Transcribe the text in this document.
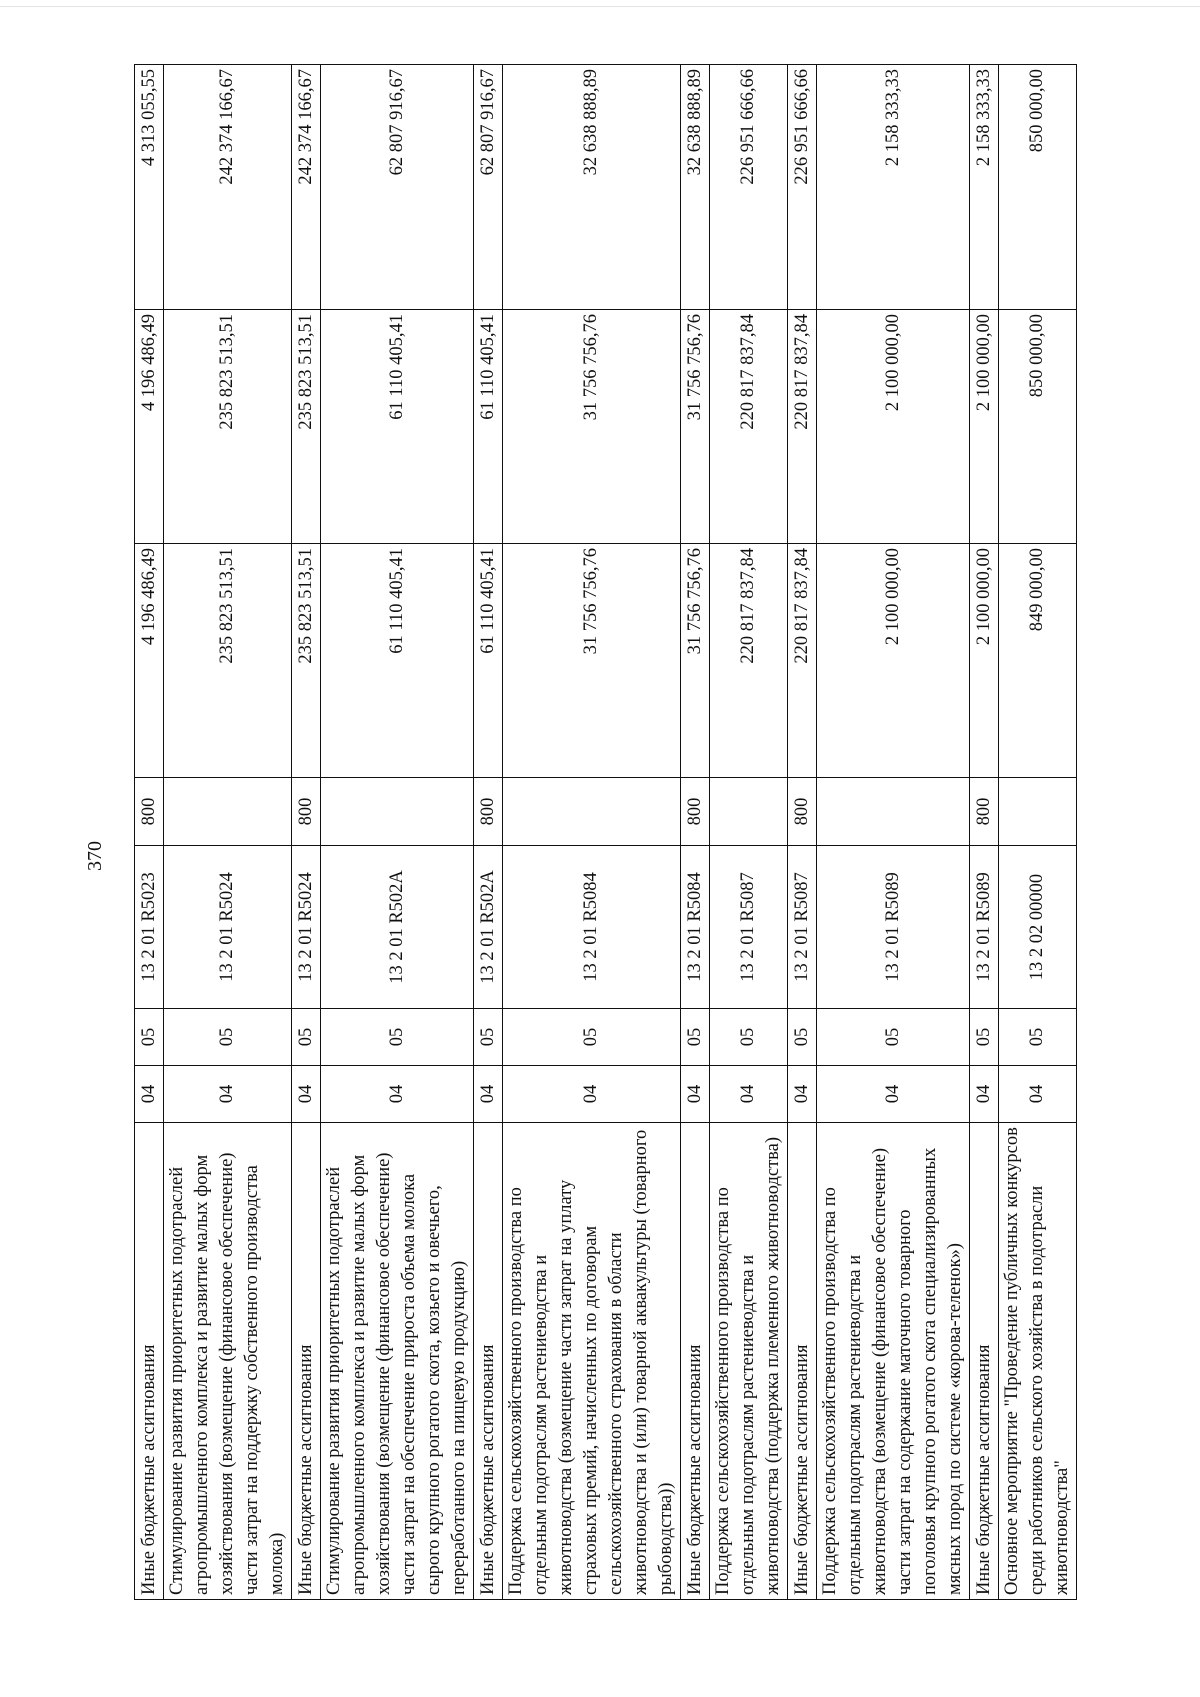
370
Иные бюджетные ассигнования	04	05	13 2 01 R5023	800	4 196 486,49	4 196 486,49	4 313 055,55
Стимулирование развития приоритетных подотраслей агропромышленного комплекса и развитие малых форм хозяйствования (возмещение (финансовое обеспечение) части затрат на поддержку собственного производства молока)	04	05	13 2 01 R5024		235 823 513,51	235 823 513,51	242 374 166,67
Иные бюджетные ассигнования	04	05	13 2 01 R5024	800	235 823 513,51	235 823 513,51	242 374 166,67
Стимулирование развития приоритетных подотраслей агропромышленного комплекса и развитие малых форм хозяйствования (возмещение (финансовое обеспечение) части затрат на обеспечение прироста объема молока сырого крупного рогатого скота, козьего и овечьего, переработанного на пищевую продукцию)	04	05	13 2 01 R502A		61 110 405,41	61 110 405,41	62 807 916,67
Иные бюджетные ассигнования	04	05	13 2 01 R502A	800	61 110 405,41	61 110 405,41	62 807 916,67
Поддержка сельскохозяйственного производства по отдельным подотраслям растениеводства и животноводства (возмещение части затрат на уплату страховых премий, начисленных по договорам сельскохозяйственного страхования в области животноводства и (или) товарной аквакультуры (товарного рыбоводства))	04	05	13 2 01 R5084		31 756 756,76	31 756 756,76	32 638 888,89
Иные бюджетные ассигнования	04	05	13 2 01 R5084	800	31 756 756,76	31 756 756,76	32 638 888,89
Поддержка сельскохозяйственного производства по отдельным подотраслям растениеводства и животноводства (поддержка племенного животноводства)	04	05	13 2 01 R5087		220 817 837,84	220 817 837,84	226 951 666,66
Иные бюджетные ассигнования	04	05	13 2 01 R5087	800	220 817 837,84	220 817 837,84	226 951 666,66
Поддержка сельскохозяйственного производства по отдельным подотраслям растениеводства и животноводства (возмещение (финансовое обеспечение) части затрат на содержание маточного товарного поголовья крупного рогатого скота специализированных мясных пород по системе «корова-теленок»)	04	05	13 2 01 R5089		2 100 000,00	2 100 000,00	2 158 333,33
Иные бюджетные ассигнования	04	05	13 2 01 R5089	800	2 100 000,00	2 100 000,00	2 158 333,33
Основное мероприятие "Проведение публичных конкурсов среди работников сельского хозяйства в подотрасли животноводства"	04	05	13 2 02 00000		849 000,00	850 000,00	850 000,00
